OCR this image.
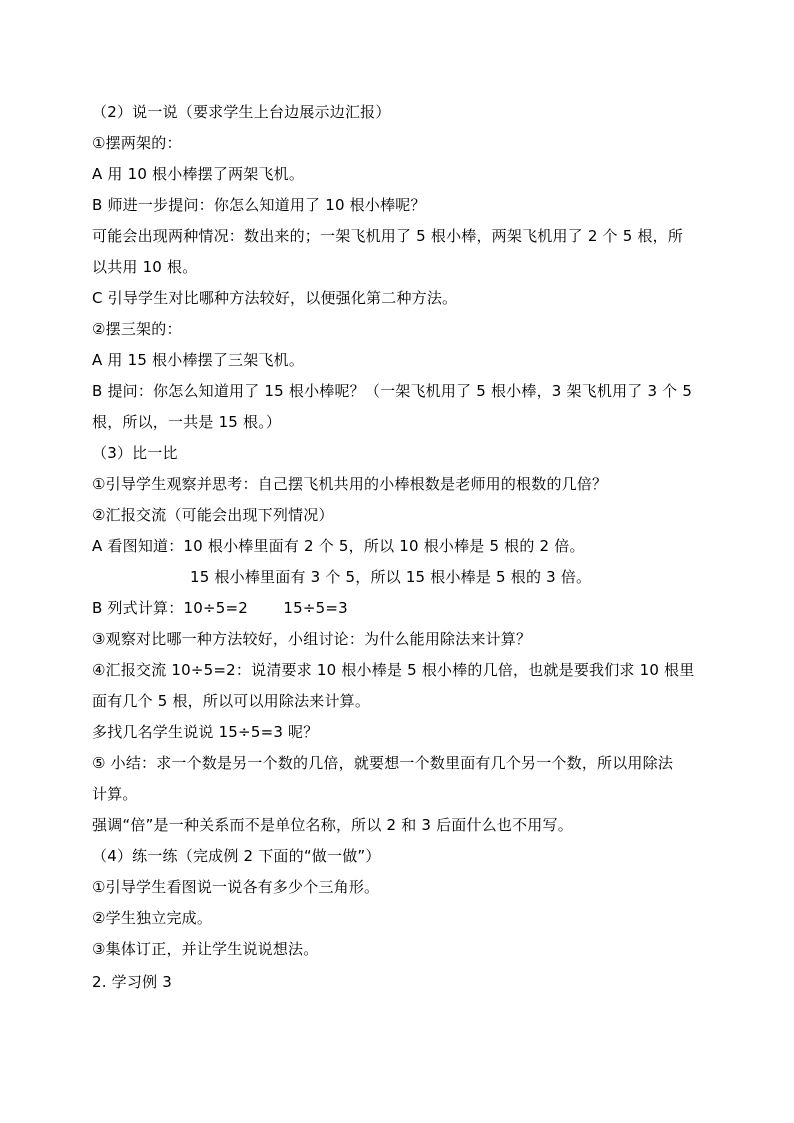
（2）说一说（要求学生上台边展示边汇报）
①摆两架的：
A 用 10 根小棒摆了两架飞机。
B 师进一步提问：你怎么知道用了 10 根小棒呢？
可能会出现两种情况：数出来的；一架飞机用了 5 根小棒，两架飞机用了 2 个 5 根，所
以共用 10 根。
C 引导学生对比哪种方法较好，以便强化第二种方法。
②摆三架的：
A 用 15 根小棒摆了三架飞机。
B 提问：你怎么知道用了 15 根小棒呢？（一架飞机用了 5 根小棒，3 架飞机用了 3 个 5
根，所以，一共是 15 根。）
（3）比一比
①引导学生观察并思考：自己摆飞机共用的小棒根数是老师用的根数的几倍？
②汇报交流（可能会出现下列情况）
A 看图知道：10 根小棒里面有 2 个 5，所以 10 根小棒是 5 根的 2 倍。
15 根小棒里面有 3 个 5，所以 15 根小棒是 5 根的 3 倍。
B 列式计算：10÷5=2　　 15÷5=3
③观察对比哪一种方法较好，小组讨论：为什么能用除法来计算？
④汇报交流 10÷5=2：说清要求 10 根小棒是 5 根小棒的几倍，也就是要我们求 10 根里
面有几个 5 根，所以可以用除法来计算。
多找几名学生说说 15÷5=3 呢？
⑤ 小结：求一个数是另一个数的几倍，就要想一个数里面有几个另一个数，所以用除法
计算。
强调“倍”是一种关系而不是单位名称，所以 2 和 3 后面什么也不用写。
（4）练一练（完成例 2 下面的“做一做”）
①引导学生看图说一说各有多少个三角形。
②学生独立完成。
③集体订正，并让学生说说想法。
2. 学习例 3
